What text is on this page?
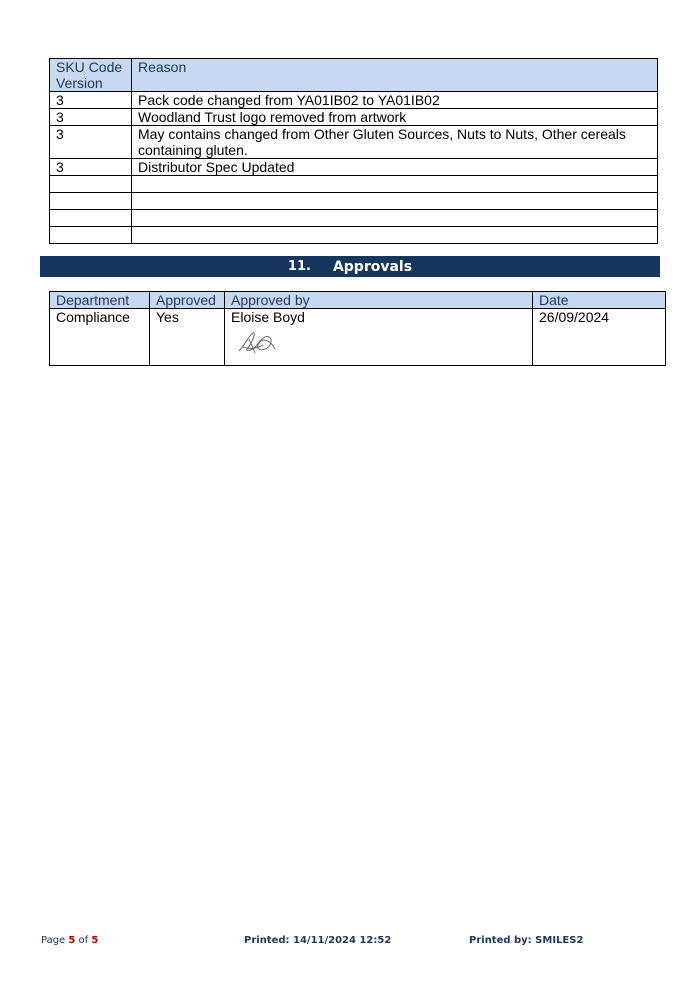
SKU Code Version	Reason
3	Pack code changed from YA01IB02 to YA01IB02
3	Woodland Trust logo removed from artwork
3	May contains changed from Other Gluten Sources, Nuts to Nuts, Other cereals containing gluten.
3	Distributor Spec Updated

11. Approvals
Department	Approved	Approved by	Date
Compliance	Yes	Eloise Boyd	26/09/2024
Page 5 of 5	Printed: 14/11/2024 12:52	Printed by: SMILES2
